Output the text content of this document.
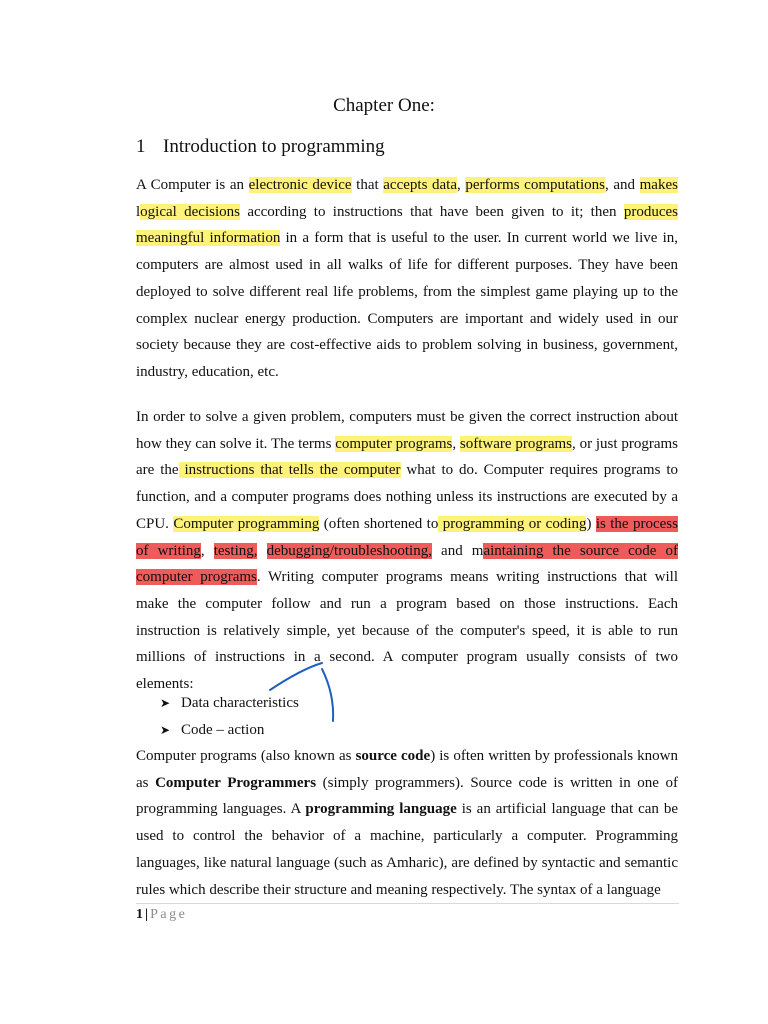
Chapter One:
1 Introduction to programming
A Computer is an electronic device that accepts data, performs computations, and makes logical decisions according to instructions that have been given to it; then produces meaningful information in a form that is useful to the user. In current world we live in, computers are almost used in all walks of life for different purposes. They have been deployed to solve different real life problems, from the simplest game playing up to the complex nuclear energy production. Computers are important and widely used in our society because they are cost-effective aids to problem solving in business, government, industry, education, etc.
In order to solve a given problem, computers must be given the correct instruction about how they can solve it. The terms computer programs, software programs, or just programs are the instructions that tells the computer what to do. Computer requires programs to function, and a computer programs does nothing unless its instructions are executed by a CPU. Computer programming (often shortened to programming or coding) is the process of writing, testing, debugging/troubleshooting, and maintaining the source code of computer programs. Writing computer programs means writing instructions that will make the computer follow and run a program based on those instructions. Each instruction is relatively simple, yet because of the computer's speed, it is able to run millions of instructions in a second. A computer program usually consists of two elements:
➤ Data characteristics
➤ Code – action
Computer programs (also known as source code) is often written by professionals known as Computer Programmers (simply programmers). Source code is written in one of programming languages. A programming language is an artificial language that can be used to control the behavior of a machine, particularly a computer. Programming languages, like natural language (such as Amharic), are defined by syntactic and semantic rules which describe their structure and meaning respectively. The syntax of a language
1 | Page
